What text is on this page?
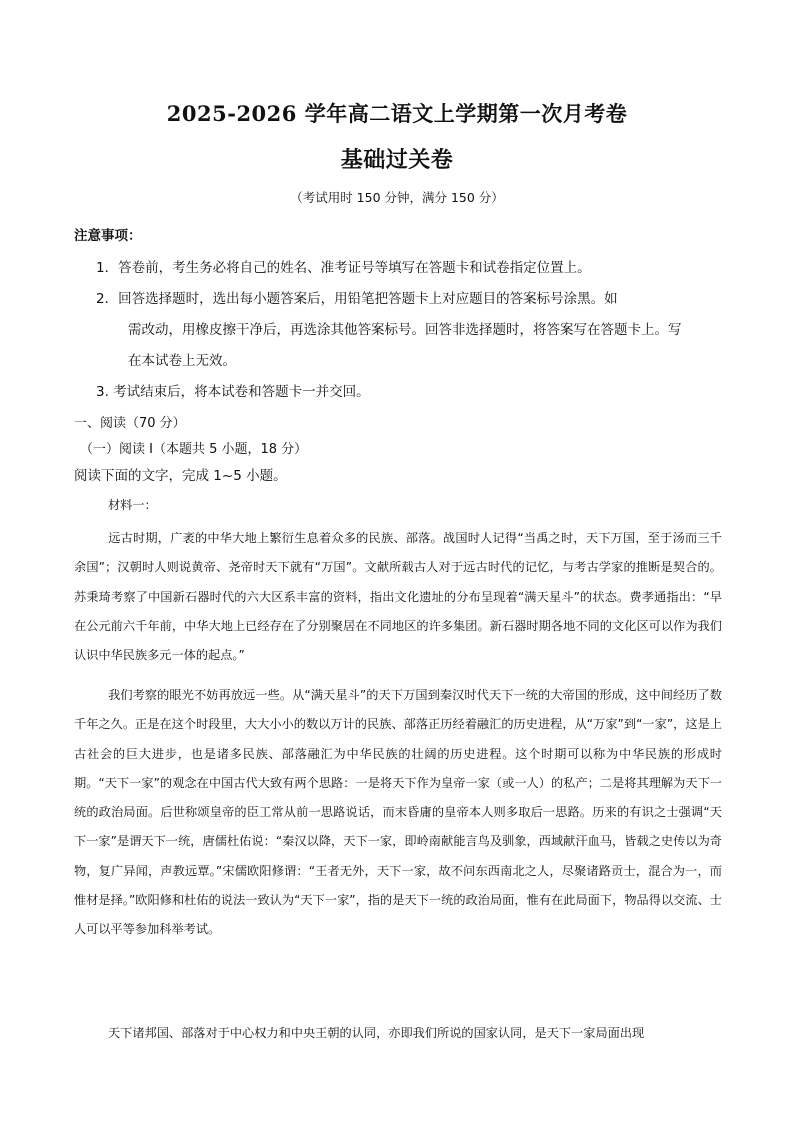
2025-2026 学年高二语文上学期第一次月考卷
基础过关卷
（考试用时 150 分钟，满分 150 分）
注意事项：
1．答卷前，考生务必将自己的姓名、准考证号等填写在答题卡和试卷指定位置上。
2．回答选择题时，选出每小题答案后，用铅笔把答题卡上对应题目的答案标号涂黑。如
需改动，用橡皮擦干净后，再选涂其他答案标号。回答非选择题时，将答案写在答题卡上。写
在本试卷上无效。
3. 考试结束后，将本试卷和答题卡一并交回。
一、阅读（70 分）
（一）阅读 I（本题共 5 小题，18 分）
阅读下面的文字，完成 1~5 小题。
材料一：
远古时期，广袤的中华大地上繁衍生息着众多的民族、部落。战国时人记得“当禹之时，天下万国，至于汤而三千余国”；汉朝时人则说黄帝、尧帝时天下就有“万国”。文献所载古人对于远古时代的记忆，与考古学家的推断是契合的。苏秉琦考察了中国新石器时代的六大区系丰富的资料，指出文化遗址的分布呈现着“满天星斗”的状态。费孝通指出：“早在公元前六千年前，中华大地上已经存在了分别聚居在不同地区的许多集团。新石器时期各地不同的文化区可以作为我们认识中华民族多元一体的起点。”
我们考察的眼光不妨再放远一些。从“满天星斗”的天下万国到秦汉时代天下一统的大帝国的形成，这中间经历了数千年之久。正是在这个时段里，大大小小的数以万计的民族、部落正历经着融汇的历史进程，从“万家”到“一家”，这是上古社会的巨大进步，也是诸多民族、部落融汇为中华民族的壮阔的历史进程。这个时期可以称为中华民族的形成时期。“天下一家”的观念在中国古代大致有两个思路：一是将天下作为皇帝一家（或一人）的私产；二是将其理解为天下一统的政治局面。后世称颂皇帝的臣工常从前一思路说话，而末昏庸的皇帝本人则多取后一思路。历来的有识之士强调“天下一家”是谓天下一统，唐儒杜佑说：“秦汉以降，天下一家，即岭南献能言鸟及驯象，西域献汗血马，皆载之史传以为奇物，复广异闻，声教远覃。”宋儒欧阳修谓：“王者无外，天下一家，故不问东西南北之人，尽聚诸路贡士，混合为一，而惟材是择。”欧阳修和杜佑的说法一致认为“天下一家”，指的是天下一统的政治局面，惟有在此局面下，物品得以交流、士人可以平等参加科举考试。
天下诸邦国、部落对于中心权力和中央王朝的认同，亦即我们所说的国家认同，是天下一家局面出现
